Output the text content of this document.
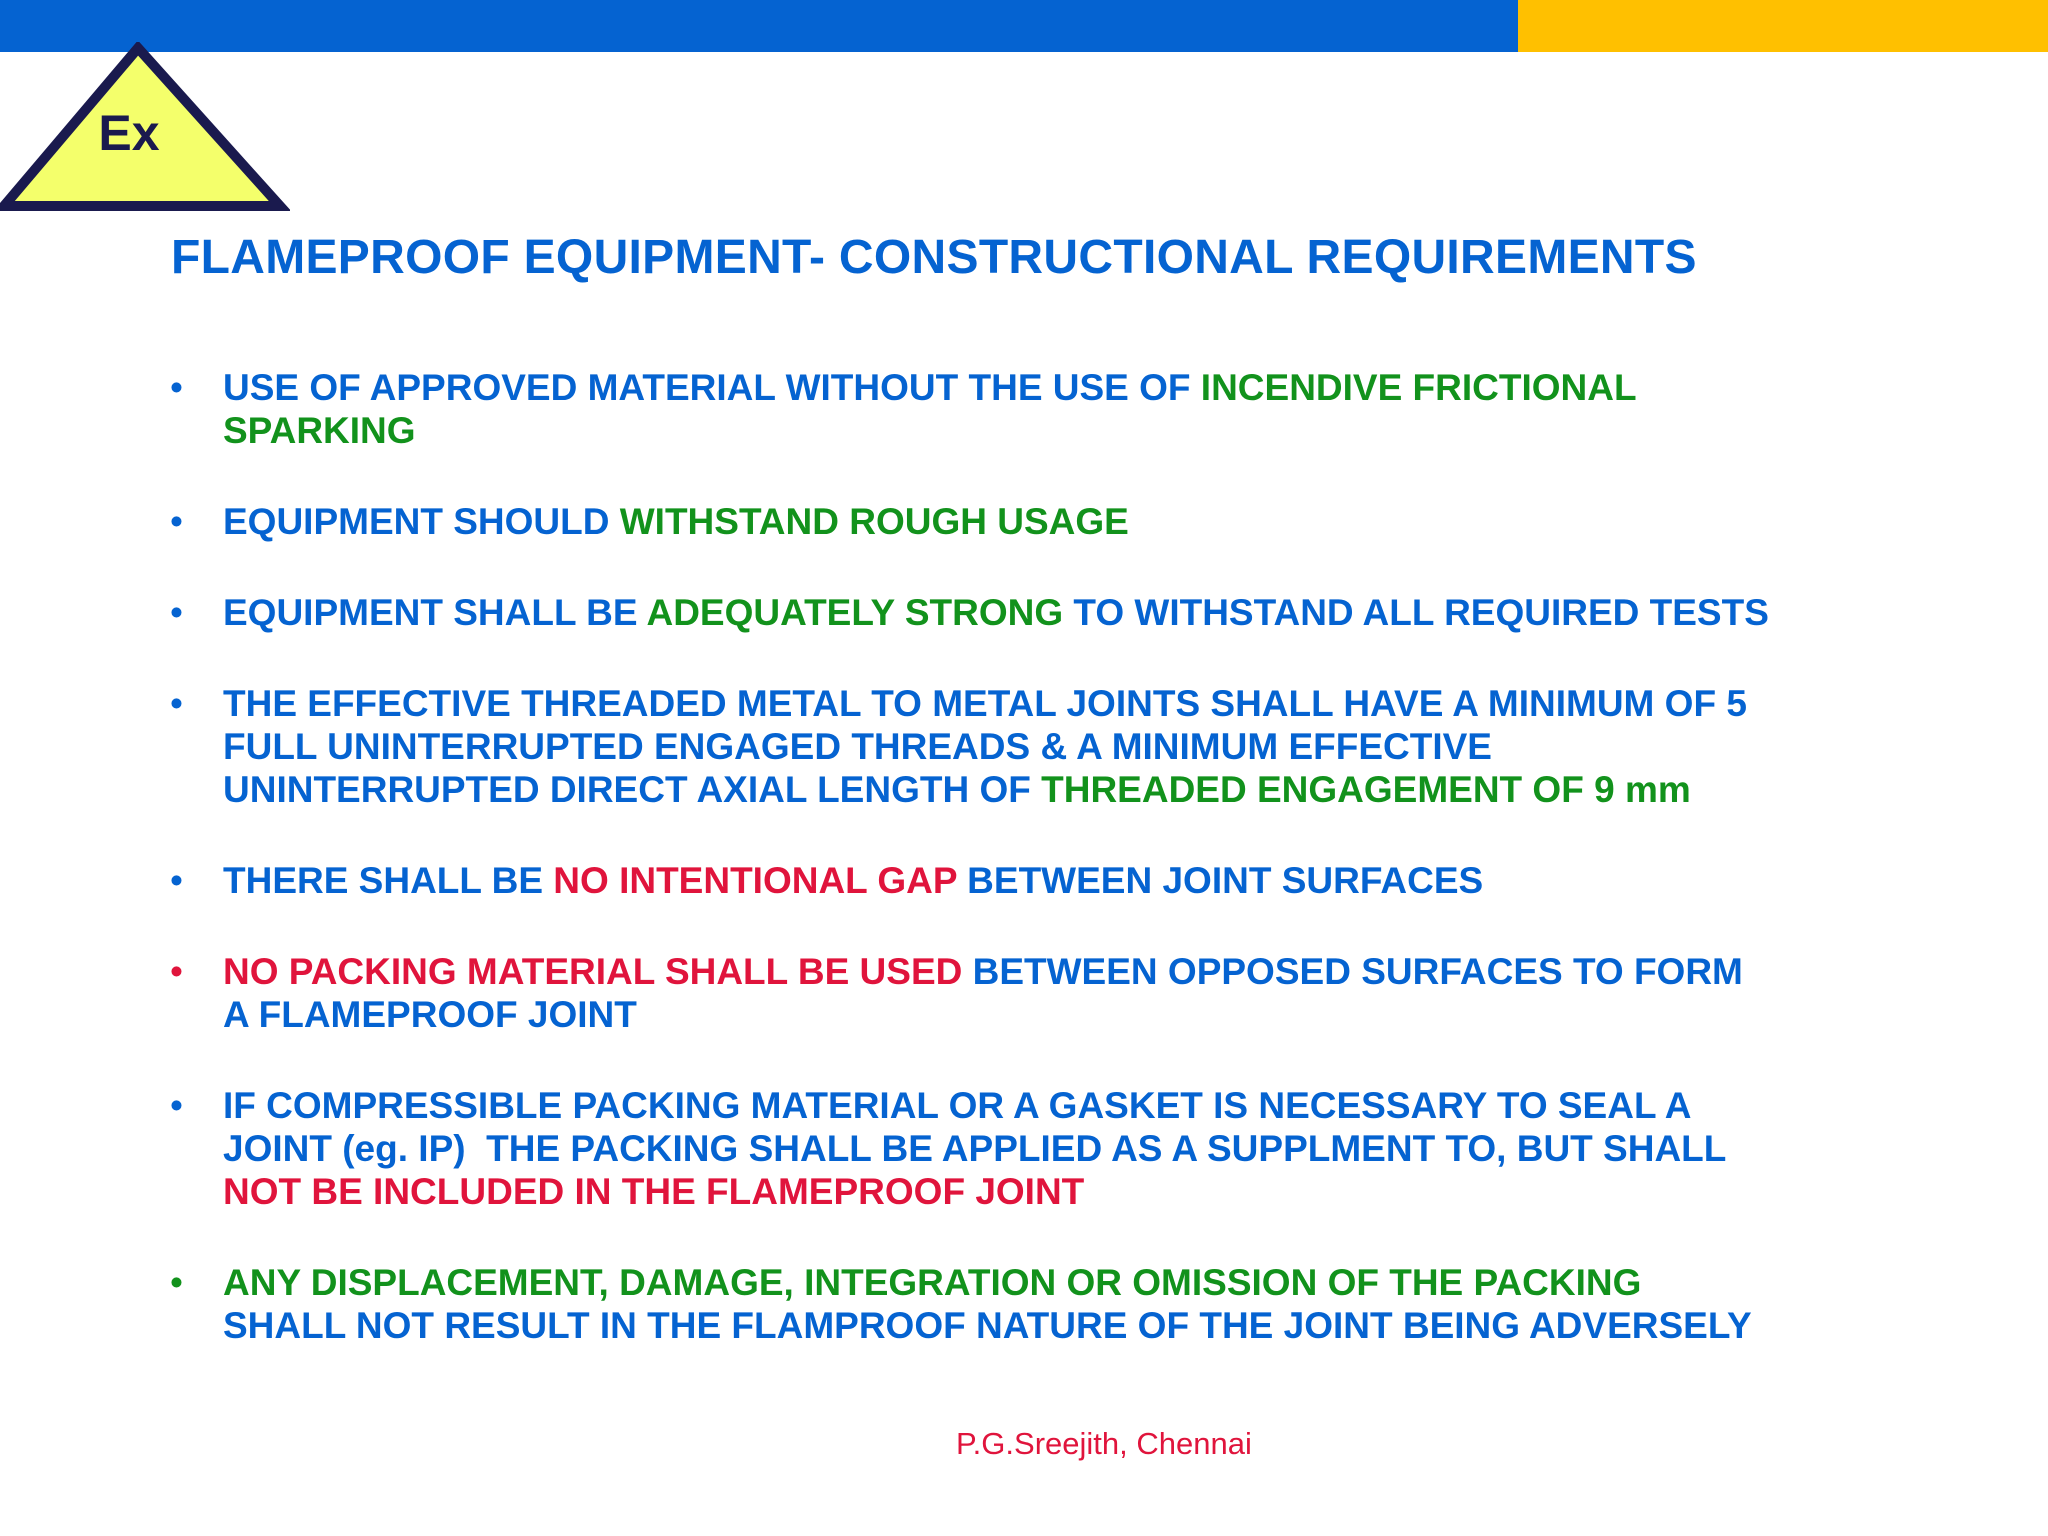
Ex
FLAMEPROOF EQUIPMENT- CONSTRUCTIONAL REQUIREMENTS
• USE OF APPROVED MATERIAL WITHOUT THE USE OF INCENDIVE FRICTIONAL
SPARKING
• EQUIPMENT SHOULD WITHSTAND ROUGH USAGE
• EQUIPMENT SHALL BE ADEQUATELY STRONG TO WITHSTAND ALL REQUIRED TESTS
• THE EFFECTIVE THREADED METAL TO METAL JOINTS SHALL HAVE A MINIMUM OF 5
FULL UNINTERRUPTED ENGAGED THREADS & A MINIMUM EFFECTIVE
UNINTERRUPTED DIRECT AXIAL LENGTH OF THREADED ENGAGEMENT OF 9 mm
• THERE SHALL BE NO INTENTIONAL GAP BETWEEN JOINT SURFACES
• NO PACKING MATERIAL SHALL BE USED BETWEEN OPPOSED SURFACES TO FORM
A FLAMEPROOF JOINT
• IF COMPRESSIBLE PACKING MATERIAL OR A GASKET IS NECESSARY TO SEAL A
JOINT (eg. IP)  THE PACKING SHALL BE APPLIED AS A SUPPLMENT TO, BUT SHALL
NOT BE INCLUDED IN THE FLAMEPROOF JOINT
• ANY DISPLACEMENT, DAMAGE, INTEGRATION OR OMISSION OF THE PACKING
SHALL NOT RESULT IN THE FLAMPROOF NATURE OF THE JOINT BEING ADVERSELY
P.G.Sreejith, Chennai
